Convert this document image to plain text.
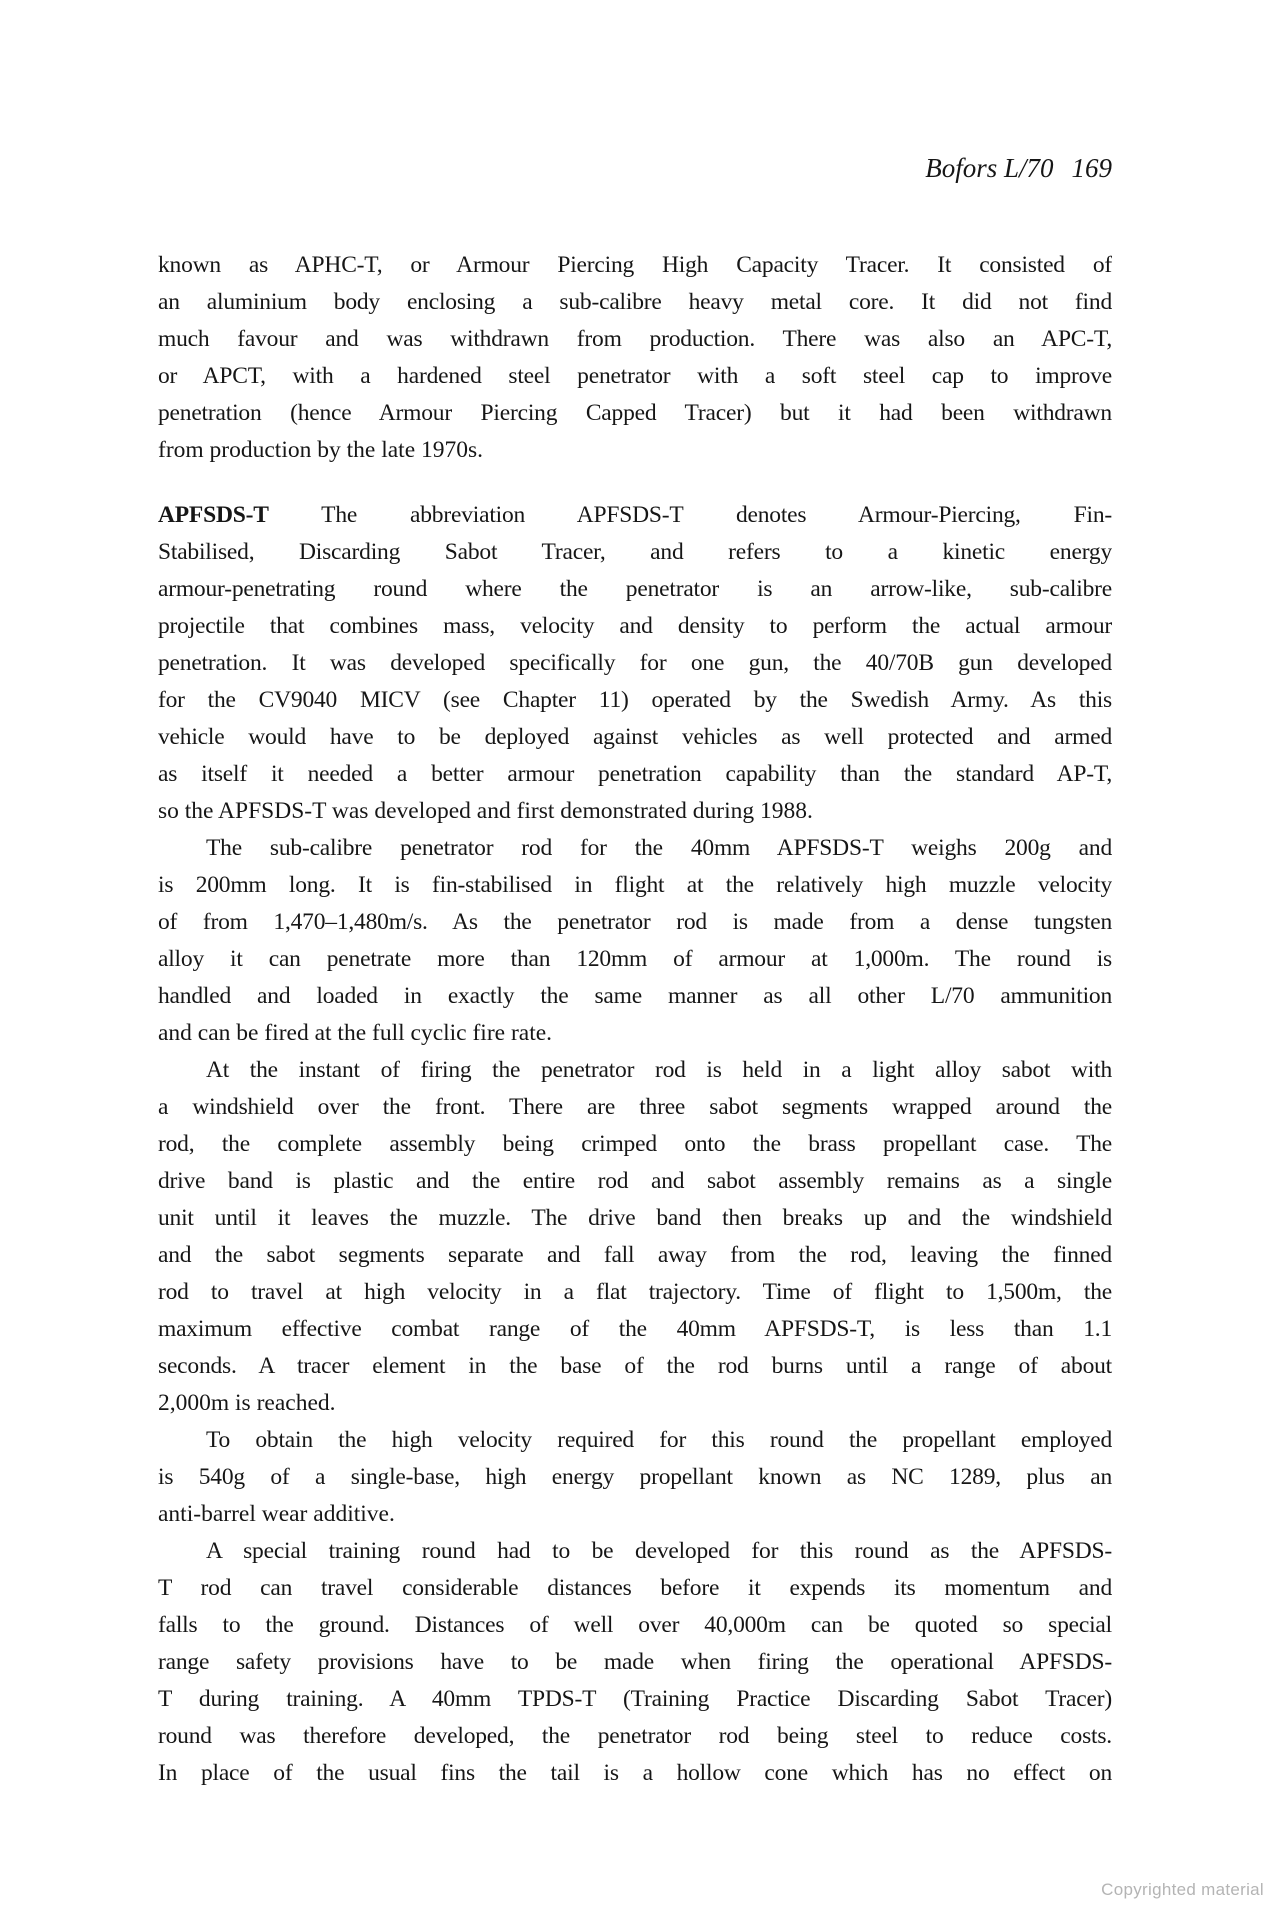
Bofors L/70 169
known as APHC-T, or Armour Piercing High Capacity Tracer. It consisted of
an aluminium body enclosing a sub-calibre heavy metal core. It did not find
much favour and was withdrawn from production. There was also an APC-T,
or APCT, with a hardened steel penetrator with a soft steel cap to improve
penetration (hence Armour Piercing Capped Tracer) but it had been withdrawn
from production by the late 1970s.
APFSDS-T The abbreviation APFSDS-T denotes Armour-Piercing, Fin-
Stabilised, Discarding Sabot Tracer, and refers to a kinetic energy
armour-penetrating round where the penetrator is an arrow-like, sub-calibre
projectile that combines mass, velocity and density to perform the actual armour
penetration. It was developed specifically for one gun, the 40/70B gun developed
for the CV9040 MICV (see Chapter 11) operated by the Swedish Army. As this
vehicle would have to be deployed against vehicles as well protected and armed
as itself it needed a better armour penetration capability than the standard AP-T,
so the APFSDS-T was developed and first demonstrated during 1988.
The sub-calibre penetrator rod for the 40mm APFSDS-T weighs 200g and
is 200mm long. It is fin-stabilised in flight at the relatively high muzzle velocity
of from 1,470–1,480m/s. As the penetrator rod is made from a dense tungsten
alloy it can penetrate more than 120mm of armour at 1,000m. The round is
handled and loaded in exactly the same manner as all other L/70 ammunition
and can be fired at the full cyclic fire rate.
At the instant of firing the penetrator rod is held in a light alloy sabot with
a windshield over the front. There are three sabot segments wrapped around the
rod, the complete assembly being crimped onto the brass propellant case. The
drive band is plastic and the entire rod and sabot assembly remains as a single
unit until it leaves the muzzle. The drive band then breaks up and the windshield
and the sabot segments separate and fall away from the rod, leaving the finned
rod to travel at high velocity in a flat trajectory. Time of flight to 1,500m, the
maximum effective combat range of the 40mm APFSDS-T, is less than 1.1
seconds. A tracer element in the base of the rod burns until a range of about
2,000m is reached.
To obtain the high velocity required for this round the propellant employed
is 540g of a single-base, high energy propellant known as NC 1289, plus an
anti-barrel wear additive.
A special training round had to be developed for this round as the APFSDS-
T rod can travel considerable distances before it expends its momentum and
falls to the ground. Distances of well over 40,000m can be quoted so special
range safety provisions have to be made when firing the operational APFSDS-
T during training. A 40mm TPDS-T (Training Practice Discarding Sabot Tracer)
round was therefore developed, the penetrator rod being steel to reduce costs.
In place of the usual fins the tail is a hollow cone which has no effect on
Copyrighted material
